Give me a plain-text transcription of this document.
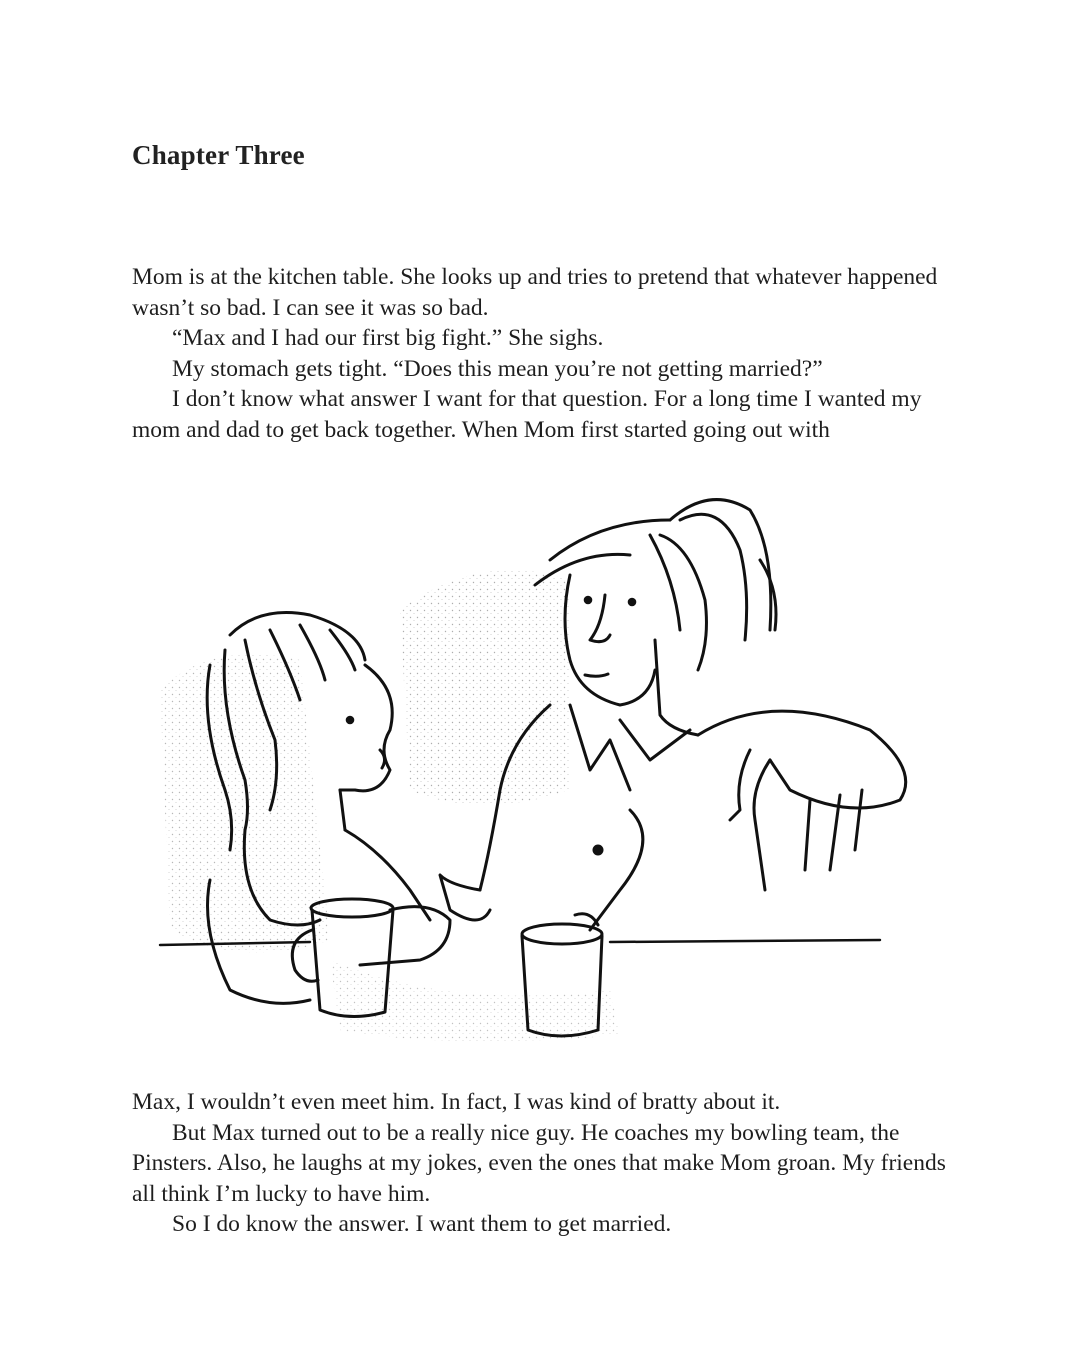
Chapter Three

Mom is at the kitchen table. She looks up and tries to pretend that whatever happened wasn’t so bad. I can see it was so bad.

“Max and I had our first big fight.” She sighs.

My stomach gets tight. “Does this mean you’re not getting married?”

I don’t know what answer I want for that question. For a long time I wanted my mom and dad to get back together. When Mom first started going out with

Max, I wouldn’t even meet him. In fact, I was kind of bratty about it.

But Max turned out to be a really nice guy. He coaches my bowling team, the Pinsters. Also, he laughs at my jokes, even the ones that make Mom groan. My friends all think I’m lucky to have him.

So I do know the answer. I want them to get married.
